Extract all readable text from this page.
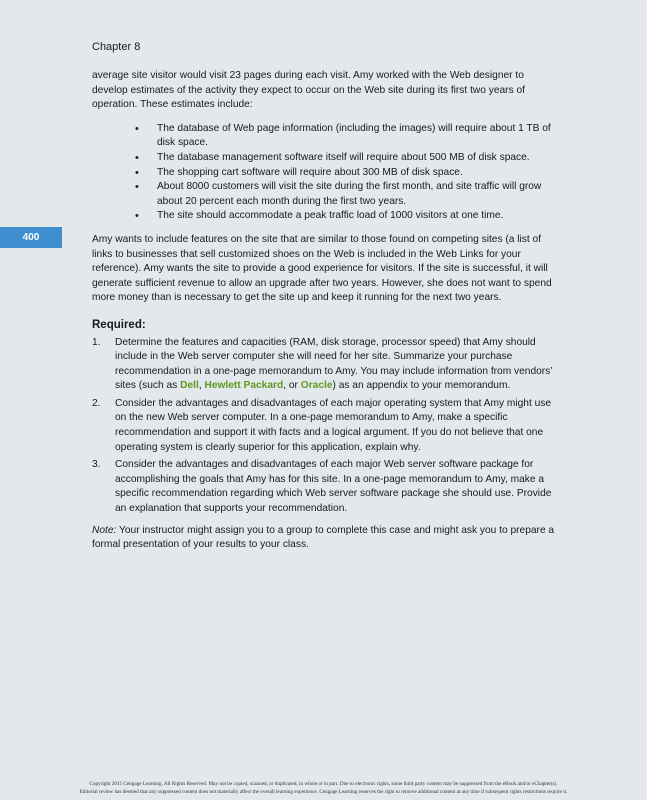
Chapter 8
400

average site visitor would visit 23 pages during each visit. Amy worked with the Web designer to develop estimates of the activity they expect to occur on the Web site during its first two years of operation. These estimates include:

• The database of Web page information (including the images) will require about 1 TB of disk space.
• The database management software itself will require about 500 MB of disk space.
• The shopping cart software will require about 300 MB of disk space.
• About 8000 customers will visit the site during the first month, and site traffic will grow about 20 percent each month during the first two years.
• The site should accommodate a peak traffic load of 1000 visitors at one time.

Amy wants to include features on the site that are similar to those found on competing sites (a list of links to businesses that sell customized shoes on the Web is included in the Web Links for your reference). Amy wants the site to provide a good experience for visitors. If the site is successful, it will generate sufficient revenue to allow an upgrade after two years. However, she does not want to spend more money than is necessary to get the site up and keep it running for the next two years.

Required:
1. Determine the features and capacities (RAM, disk storage, processor speed) that Amy should include in the Web server computer she will need for her site. Summarize your purchase recommendation in a one-page memorandum to Amy. You may include information from vendors’ sites (such as Dell, Hewlett Packard, or Oracle) as an appendix to your memorandum.
2. Consider the advantages and disadvantages of each major operating system that Amy might use on the new Web server computer. In a one-page memorandum to Amy, make a specific recommendation and support it with facts and a logical argument. If you do not believe that one operating system is clearly superior for this application, explain why.
3. Consider the advantages and disadvantages of each major Web server software package for accomplishing the goals that Amy has for this site. In a one-page memorandum to Amy, make a specific recommendation regarding which Web server software package she should use. Provide an explanation that supports your recommendation.

Note: Your instructor might assign you to a group to complete this case and might ask you to prepare a formal presentation of your results to your class.

Copyright 2015 Cengage Learning. All Rights Reserved. May not be copied, scanned, or duplicated, in whole or in part. Due to electronic rights, some third party content may be suppressed from the eBook and/or eChapter(s).
Editorial review has deemed that any suppressed content does not materially affect the overall learning experience. Cengage Learning reserves the right to remove additional content at any time if subsequent rights restrictions require it.
